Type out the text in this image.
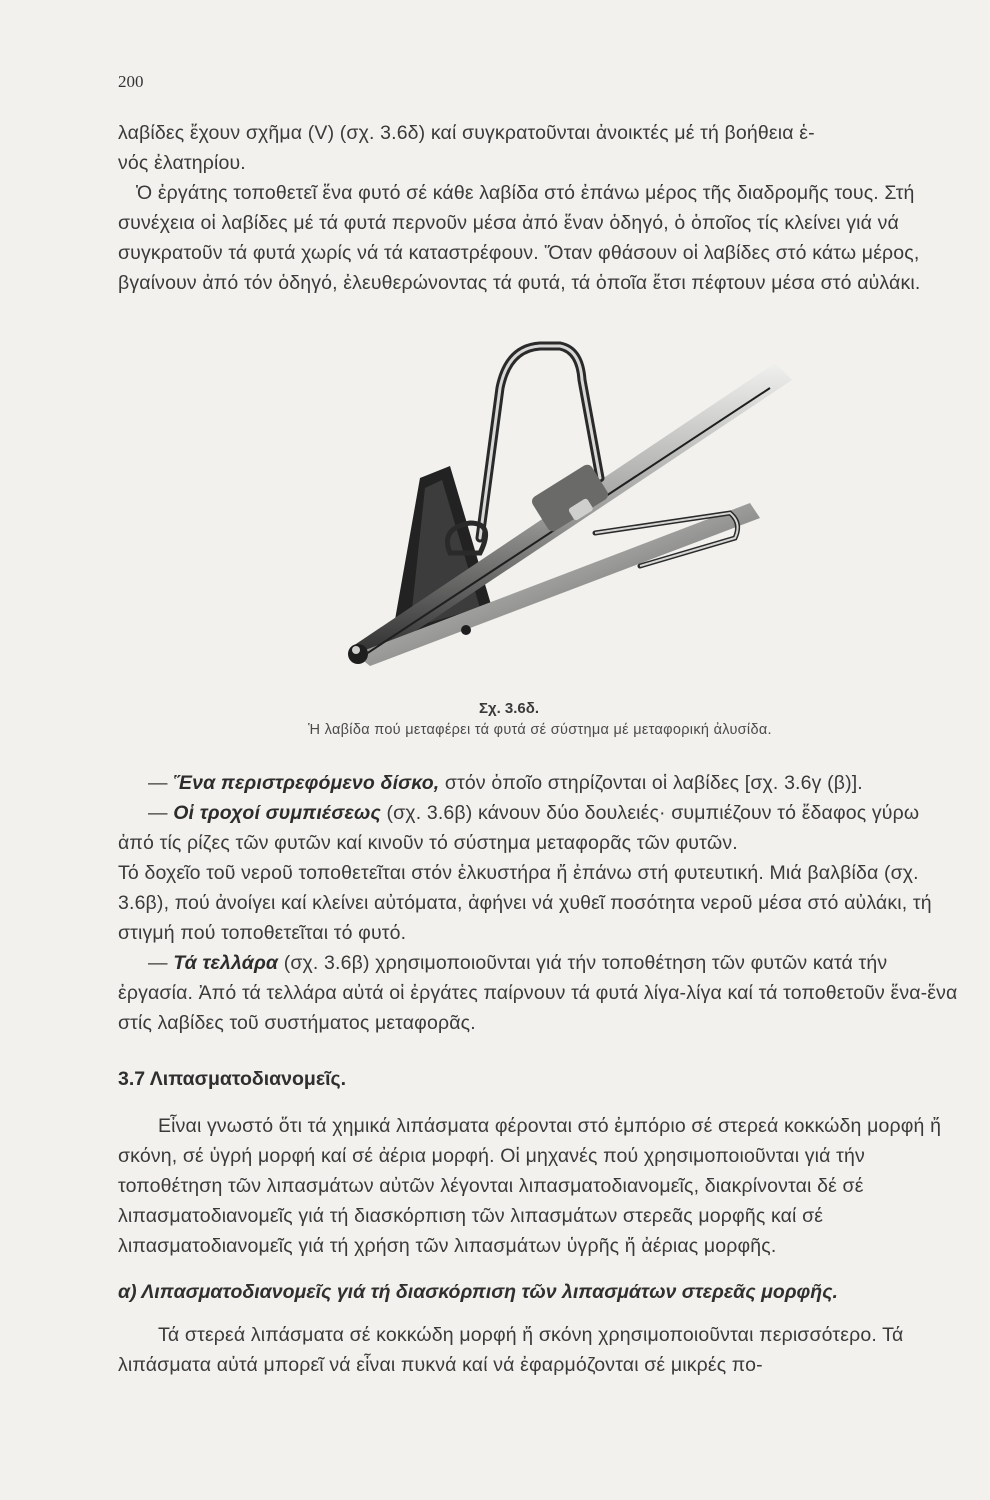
200

λαβίδες ἔχουν σχῆμα (V) (σχ. 3.6δ) καί συγκρατοῦνται ἀνοικτές μέ τή βοήθεια ἑ-

νός ἐλατηρίου.

Ὁ ἐργάτης τοποθετεῖ ἕνα φυτό σέ κάθε λαβίδα στό ἐπάνω μέρος τῆς διαδρομῆς τους. Στή συνέχεια οἱ λαβίδες μέ τά φυτά περνοῦν μέσα ἀπό ἕναν ὁδηγό, ὁ ὁποῖος τίς κλείνει γιά νά συγκρατοῦν τά φυτά χωρίς νά τά καταστρέφουν. Ὅταν φθάσουν οἱ λαβίδες στό κάτω μέρος, βγαίνουν ἀπό τόν ὁδηγό, ἐλευθερώνοντας τά φυτά, τά ὁποῖα ἔτσι πέφτουν μέσα στό αὐλάκι.

Σχ. 3.6δ.
Ἡ λαβίδα πού μεταφέρει τά φυτά σέ σύστημα μέ μεταφορική ἀλυσίδα.

— Ἕνα περιστρεφόμενο δίσκο, στόν ὁποῖο στηρίζονται οἱ λαβίδες [σχ. 3.6γ (β)].

— Οἱ τροχοί συμπιέσεως (σχ. 3.6β) κάνουν δύο δουλειές· συμπιέζουν τό ἔδαφος γύρω ἀπό τίς ρίζες τῶν φυτῶν καί κινοῦν τό σύστημα μεταφορᾶς τῶν φυτῶν.

Τό δοχεῖο τοῦ νεροῦ τοποθετεῖται στόν ἑλκυστήρα ἤ ἐπάνω στή φυτευτική. Μιά βαλβίδα (σχ. 3.6β), πού ἀνοίγει καί κλείνει αὐτόματα, ἀφήνει νά χυθεῖ ποσότητα νεροῦ μέσα στό αὐλάκι, τή στιγμή πού τοποθετεῖται τό φυτό.

— Τά τελλάρα (σχ. 3.6β) χρησιμοποιοῦνται γιά τήν τοποθέτηση τῶν φυτῶν κατά τήν ἐργασία. Ἀπό τά τελλάρα αὐτά οἱ ἐργάτες παίρνουν τά φυτά λίγα-λίγα καί τά τοποθετοῦν ἕνα-ἕνα στίς λαβίδες τοῦ συστήματος μεταφορᾶς.

3.7 Λιπασματοδιανομεῖς.

Εἶναι γνωστό ὅτι τά χημικά λιπάσματα φέρονται στό ἐμπόριο σέ στερεά κοκκώδη μορφή ἤ σκόνη, σέ ὑγρή μορφή καί σέ ἀέρια μορφή. Οἱ μηχανές πού χρησιμοποιοῦνται γιά τήν τοποθέτηση τῶν λιπασμάτων αὐτῶν λέγονται λιπασματοδιανομεῖς, διακρίνονται δέ σέ λιπασματοδιανομεῖς γιά τή διασκόρπιση τῶν λιπασμάτων στερεᾶς μορφῆς καί σέ λιπασματοδιανομεῖς γιά τή χρήση τῶν λιπασμάτων ὑγρῆς ἤ ἀέριας μορφῆς.

α) Λιπασματοδιανομεῖς γιά τή διασκόρπιση τῶν λιπασμάτων στερεᾶς μορφῆς.

Τά στερεά λιπάσματα σέ κοκκώδη μορφή ἤ σκόνη χρησιμοποιοῦνται περισσότερο. Τά λιπάσματα αὐτά μπορεῖ νά εἶναι πυκνά καί νά ἐφαρμόζονται σέ μικρές πο-
